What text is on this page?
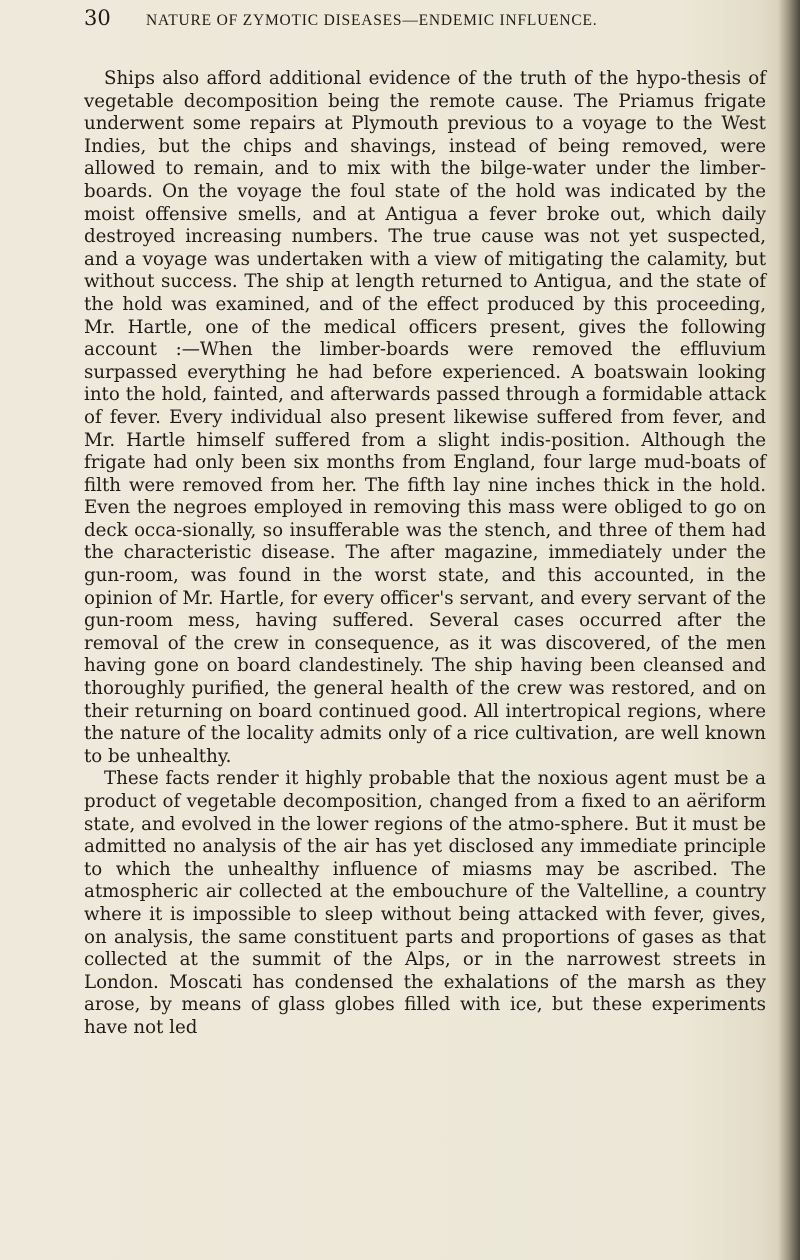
30 NATURE OF ZYMOTIC DISEASES—ENDEMIC INFLUENCE.

Ships also afford additional evidence of the truth of the hypo-thesis of vegetable decomposition being the remote cause. The Priamus frigate underwent some repairs at Plymouth previous to a voyage to the West Indies, but the chips and shavings, instead of being removed, were allowed to remain, and to mix with the bilge-water under the limber-boards. On the voyage the foul state of the hold was indicated by the moist offensive smells, and at Antigua a fever broke out, which daily destroyed increasing numbers. The true cause was not yet suspected, and a voyage was undertaken with a view of mitigating the calamity, but without success. The ship at length returned to Antigua, and the state of the hold was examined, and of the effect produced by this proceeding, Mr. Hartle, one of the medical officers present, gives the following account :—When the limber-boards were removed the effluvium surpassed everything he had before experienced. A boatswain looking into the hold, fainted, and afterwards passed through a formidable attack of fever. Every individual also present likewise suffered from fever, and Mr. Hartle himself suffered from a slight indis-position. Although the frigate had only been six months from England, four large mud-boats of filth were removed from her. The fifth lay nine inches thick in the hold. Even the negroes employed in removing this mass were obliged to go on deck occa-sionally, so insufferable was the stench, and three of them had the characteristic disease. The after magazine, immediately under the gun-room, was found in the worst state, and this accounted, in the opinion of Mr. Hartle, for every officer's servant, and every servant of the gun-room mess, having suffered. Several cases occurred after the removal of the crew in consequence, as it was discovered, of the men having gone on board clandestinely. The ship having been cleansed and thoroughly purified, the general health of the crew was restored, and on their returning on board continued good. All intertropical regions, where the nature of the locality admits only of a rice cultivation, are well known to be unhealthy.

These facts render it highly probable that the noxious agent must be a product of vegetable decomposition, changed from a fixed to an aëriform state, and evolved in the lower regions of the atmo-sphere. But it must be admitted no analysis of the air has yet disclosed any immediate principle to which the unhealthy influence of miasms may be ascribed. The atmospheric air collected at the embouchure of the Valtelline, a country where it is impossible to sleep without being attacked with fever, gives, on analysis, the same constituent parts and proportions of gases as that collected at the summit of the Alps, or in the narrowest streets in London. Moscati has condensed the exhalations of the marsh as they arose, by means of glass globes filled with ice, but these experiments have not led
